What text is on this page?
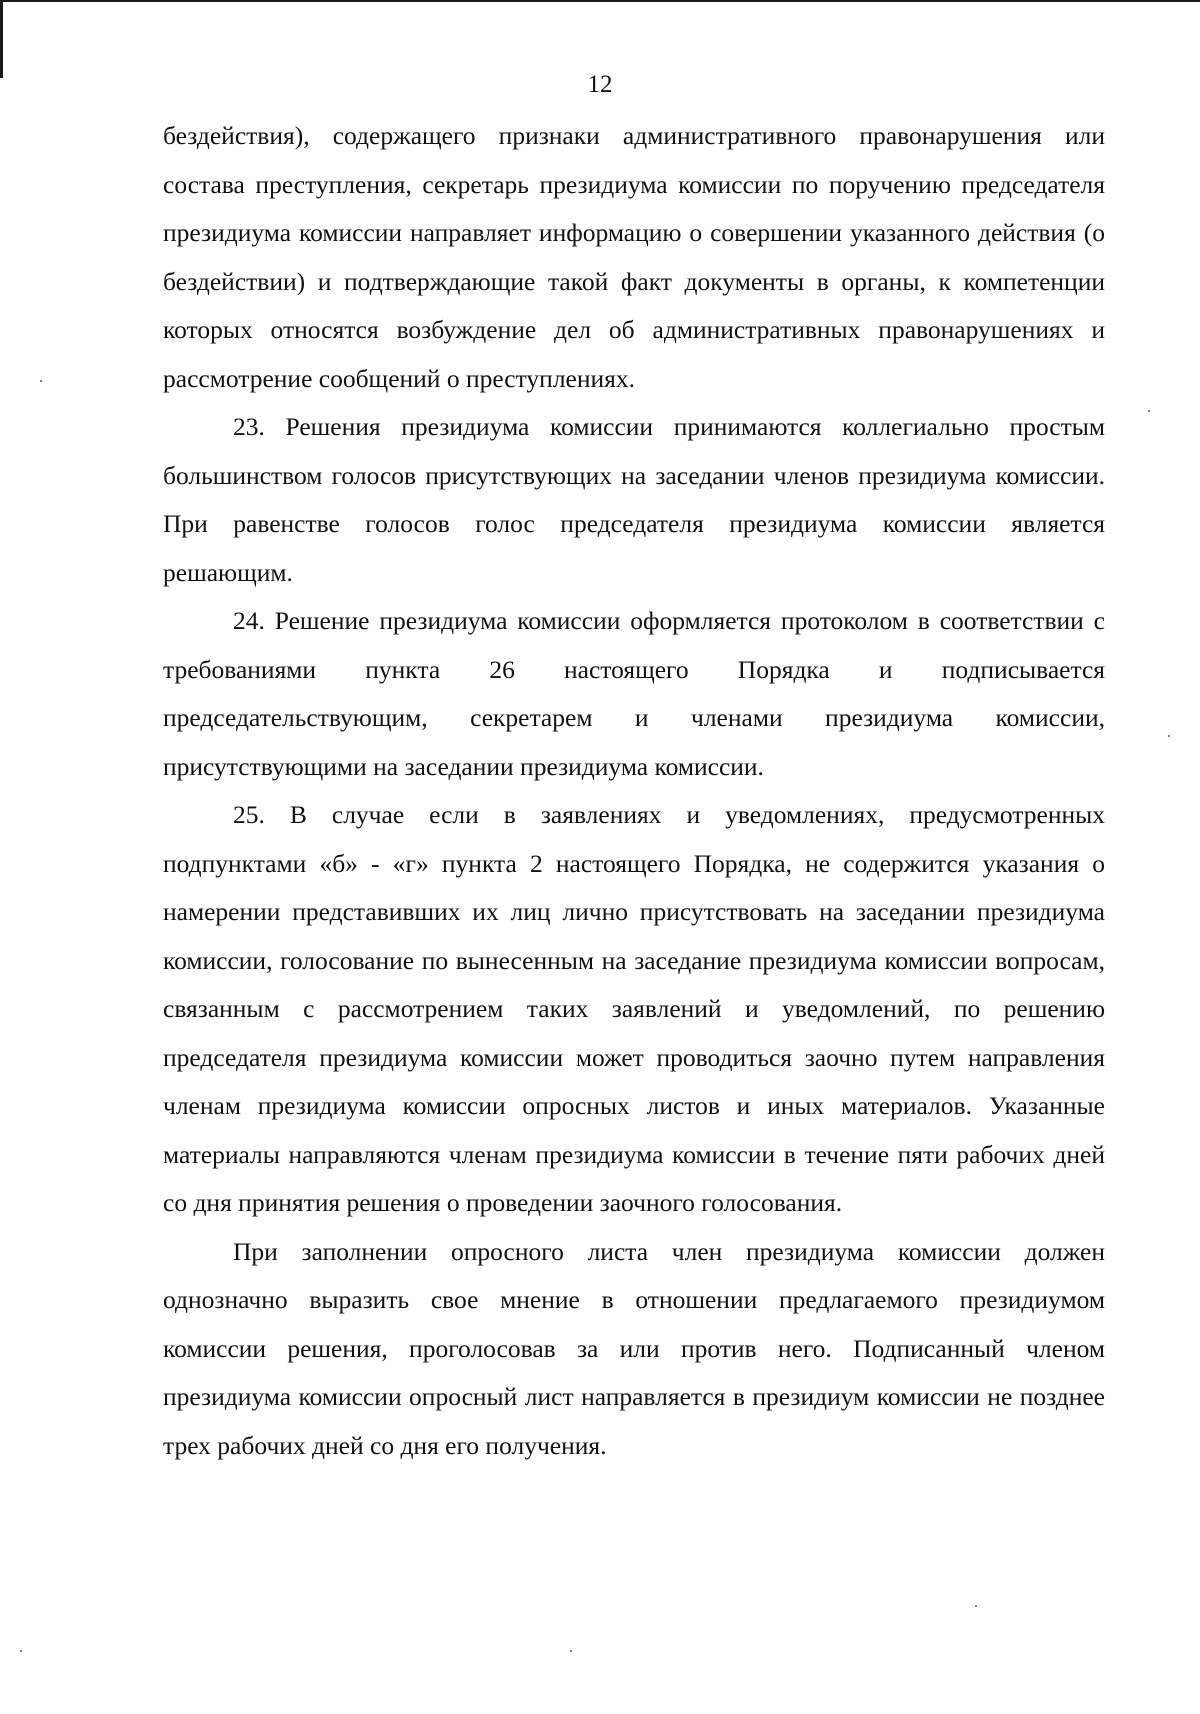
12

бездействия), содержащего признаки административного правонарушения или состава преступления, секретарь президиума комиссии по поручению председателя президиума комиссии направляет информацию о совершении указанного действия (о бездействии) и подтверждающие такой факт документы в органы, к компетенции которых относятся возбуждение дел об административных правонарушениях и рассмотрение сообщений о преступлениях.

23. Решения президиума комиссии принимаются коллегиально простым большинством голосов присутствующих на заседании членов президиума комиссии. При равенстве голосов голос председателя президиума комиссии является решающим.

24. Решение президиума комиссии оформляется протоколом в соответствии с требованиями пункта 26 настоящего Порядка и подписывается председательствующим, секретарем и членами президиума комиссии, присутствующими на заседании президиума комиссии.

25. В случае если в заявлениях и уведомлениях, предусмотренных подпунктами «б» - «г» пункта 2 настоящего Порядка, не содержится указания о намерении представивших их лиц лично присутствовать на заседании президиума комиссии, голосование по вынесенным на заседание президиума комиссии вопросам, связанным с рассмотрением таких заявлений и уведомлений, по решению председателя президиума комиссии может проводиться заочно путем направления членам президиума комиссии опросных листов и иных материалов. Указанные материалы направляются членам президиума комиссии в течение пяти рабочих дней со дня принятия решения о проведении заочного голосования.

При заполнении опросного листа член президиума комиссии должен однозначно выразить свое мнение в отношении предлагаемого президиумом комиссии решения, проголосовав за или против него. Подписанный членом президиума комиссии опросный лист направляется в президиум комиссии не позднее трех рабочих дней со дня его получения.
